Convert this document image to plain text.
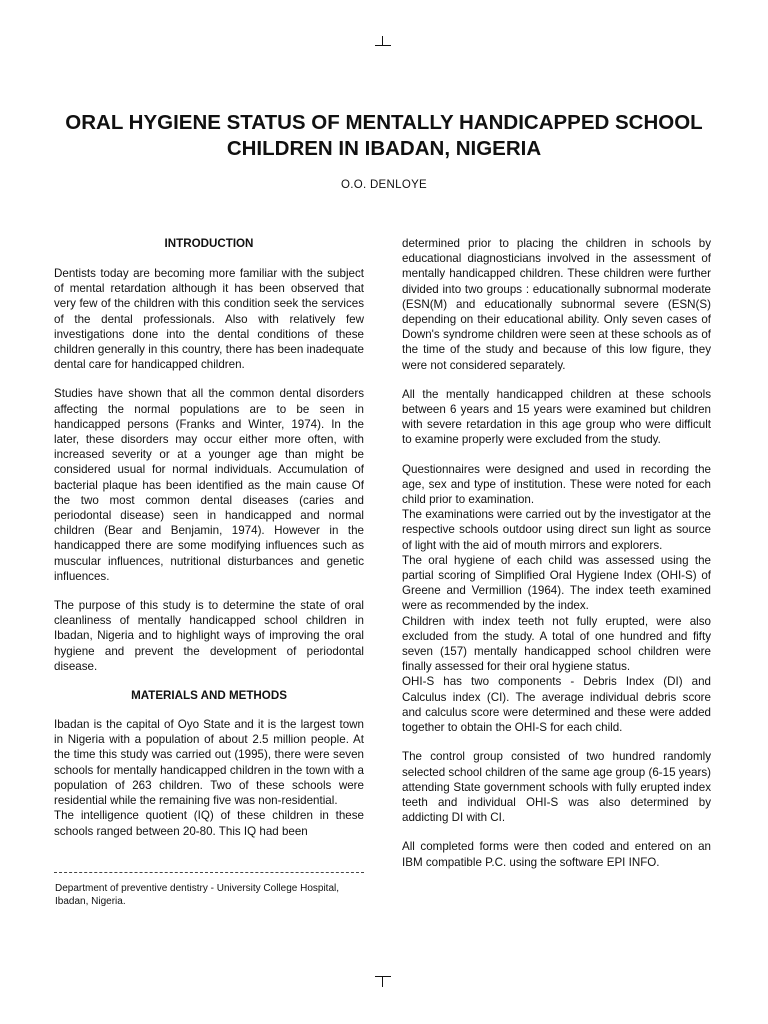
ORAL HYGIENE STATUS OF MENTALLY HANDICAPPED SCHOOL CHILDREN IN IBADAN, NIGERIA
O.O. DENLOYE
INTRODUCTION

Dentists today are becoming more familiar with the subject of mental retardation although it has been observed that very few of the children with this condition seek the services of the dental professionals. Also with relatively few investigations done into the dental conditions of these children generally in this country, there has been inadequate dental care for handicapped children.

Studies have shown that all the common dental disorders affecting the normal populations are to be seen in handicapped persons (Franks and Winter, 1974). In the later, these disorders may occur either more often, with increased severity or at a younger age than might be considered usual for normal individuals. Accumulation of bacterial plaque has been identified as the main cause Of the two most common dental diseases (caries and periodontal disease) seen in handicapped and normal children (Bear and Benjamin, 1974). However in the handicapped there are some modifying influences such as muscular influences, nutritional disturbances and genetic influences.

The purpose of this study is to determine the state of oral cleanliness of mentally handicapped school children in Ibadan, Nigeria and to highlight ways of improving the oral hygiene and prevent the development of periodontal disease.

MATERIALS AND METHODS

Ibadan is the capital of Oyo State and it is the largest town in Nigeria with a population of about 2.5 million people. At the time this study was carried out (1995), there were seven schools for mentally handicapped children in the town with a population of 263 children. Two of these schools were residential while the remaining five was non-residential.

The intelligence quotient (IQ) of these children in these schools ranged between 20-80. This IQ had been

determined prior to placing the children in schools by educational diagnosticians involved in the assessment of mentally handicapped children. These children were further divided into two groups : educationally subnormal moderate (ESN(M) and educationally subnormal severe (ESN(S) depending on their educational ability. Only seven cases of Down's syndrome children were seen at these schools as of the time of the study and because of this low figure, they were not considered separately.

All the mentally handicapped children at these schools between 6 years and 15 years were examined but children with severe retardation in this age group who were difficult to examine properly were excluded from the study.

Questionnaires were designed and used in recording the age, sex and type of institution. These were noted for each child prior to examination.

The examinations were carried out by the investigator at the respective schools outdoor using direct sun light as source of light with the aid of mouth mirrors and explorers.

The oral hygiene of each child was assessed using the partial scoring of Simplified Oral Hygiene Index (OHI-S) of Greene and Vermillion (1964). The index teeth examined were as recommended by the index.

Children with index teeth not fully erupted, were also excluded from the study. A total of one hundred and fifty seven (157) mentally handicapped school children were finally assessed for their oral hygiene status.

OHI-S has two components - Debris Index (DI) and Calculus index (CI). The average individual debris score and calculus score were determined and these were added together to obtain the OHI-S for each child.

The control group consisted of two hundred randomly selected school children of the same age group (6-15 years) attending State government schools with fully erupted index teeth and individual OHI-S was also determined by addicting DI with CI.

All completed forms were then coded and entered on an IBM compatible P.C. using the software EPI INFO.

Department of preventive dentistry - University College Hospital, Ibadan, Nigeria.
